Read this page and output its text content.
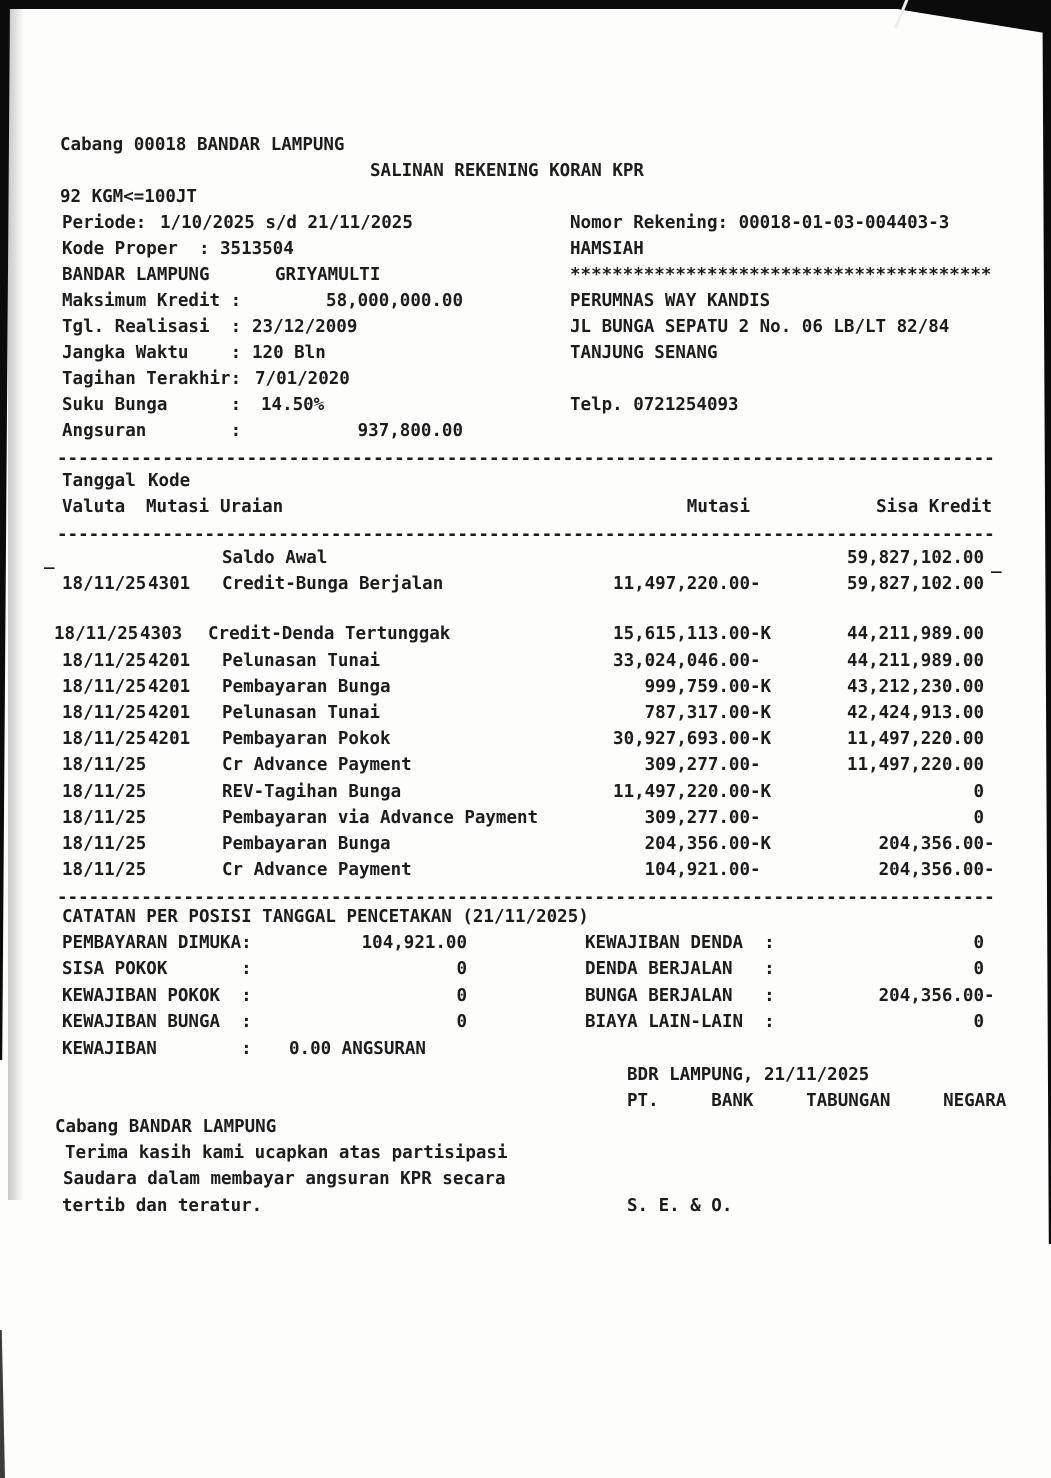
Cabang 00018 BANDAR LAMPUNG
SALINAN REKENING KORAN KPR
92 KGM<=100JT
Periode: 1/10/2025 s/d 21/11/2025
Kode Proper  : 3513504
BANDAR LAMPUNG	GRIYAMULTI
Maksimum Kredit :	58,000,000.00
Tgl. Realisasi  : 23/12/2009
Jangka Waktu    : 120 Bln
Tagihan Terakhir: 7/01/2020
Suku Bunga      : 14.50%
Angsuran        :	937,800.00
Nomor Rekening: 00018-01-03-004403-3
HAMSIAH
****************************************
PERUMNAS WAY KANDIS
JL BUNGA SEPATU 2 No. 06 LB/LT 82/84
TANJUNG SENANG
Telp. 0721254093
-----------------------------------------------------------------------------------------
Tanggal Kode
Valuta Mutasi Uraian	Mutasi	Sisa Kredit
-----------------------------------------------------------------------------------------
_	_
Saldo Awal	59,827,102.00
18/11/25 4301 Credit-Bunga Berjalan	11,497,220.00 -	59,827,102.00
18/11/25 4303 Credit-Denda Tertunggak	15,615,113.00 -K	44,211,989.00
18/11/25 4201 Pelunasan Tunai	33,024,046.00 -	44,211,989.00
18/11/25 4201 Pembayaran Bunga	999,759.00 -K	43,212,230.00
18/11/25 4201 Pelunasan Tunai	787,317.00 -K	42,424,913.00
18/11/25 4201 Pembayaran Pokok	30,927,693.00 -K	11,497,220.00
18/11/25	Cr Advance Payment	309,277.00 -	11,497,220.00
18/11/25	REV-Tagihan Bunga	11,497,220.00 -K	0
18/11/25	Pembayaran via Advance Payment	309,277.00 -	0
18/11/25	Pembayaran Bunga	204,356.00 -K	204,356.00 -
18/11/25	Cr Advance Payment	104,921.00 -	204,356.00 -
-----------------------------------------------------------------------------------------
CATATAN PER POSISI TANGGAL PENCETAKAN (21/11/2025)
PEMBAYARAN DIMUKA:	104,921.00
SISA POKOK       :	0
KEWAJIBAN POKOK  :	0
KEWAJIBAN BUNGA  :	0
KEWAJIBAN        : 0.00 ANGSURAN
KEWAJIBAN DENDA  :	0
DENDA BERJALAN   :	0
BUNGA BERJALAN   :	204,356.00 -
BIAYA LAIN-LAIN  :	0
BDR LAMPUNG, 21/11/2025
PT.     BANK     TABUNGAN     NEGARA
Cabang BANDAR LAMPUNG
Terima kasih kami ucapkan atas partisipasi
Saudara dalam membayar angsuran KPR secara
tertib dan teratur.	S. E. & O.
